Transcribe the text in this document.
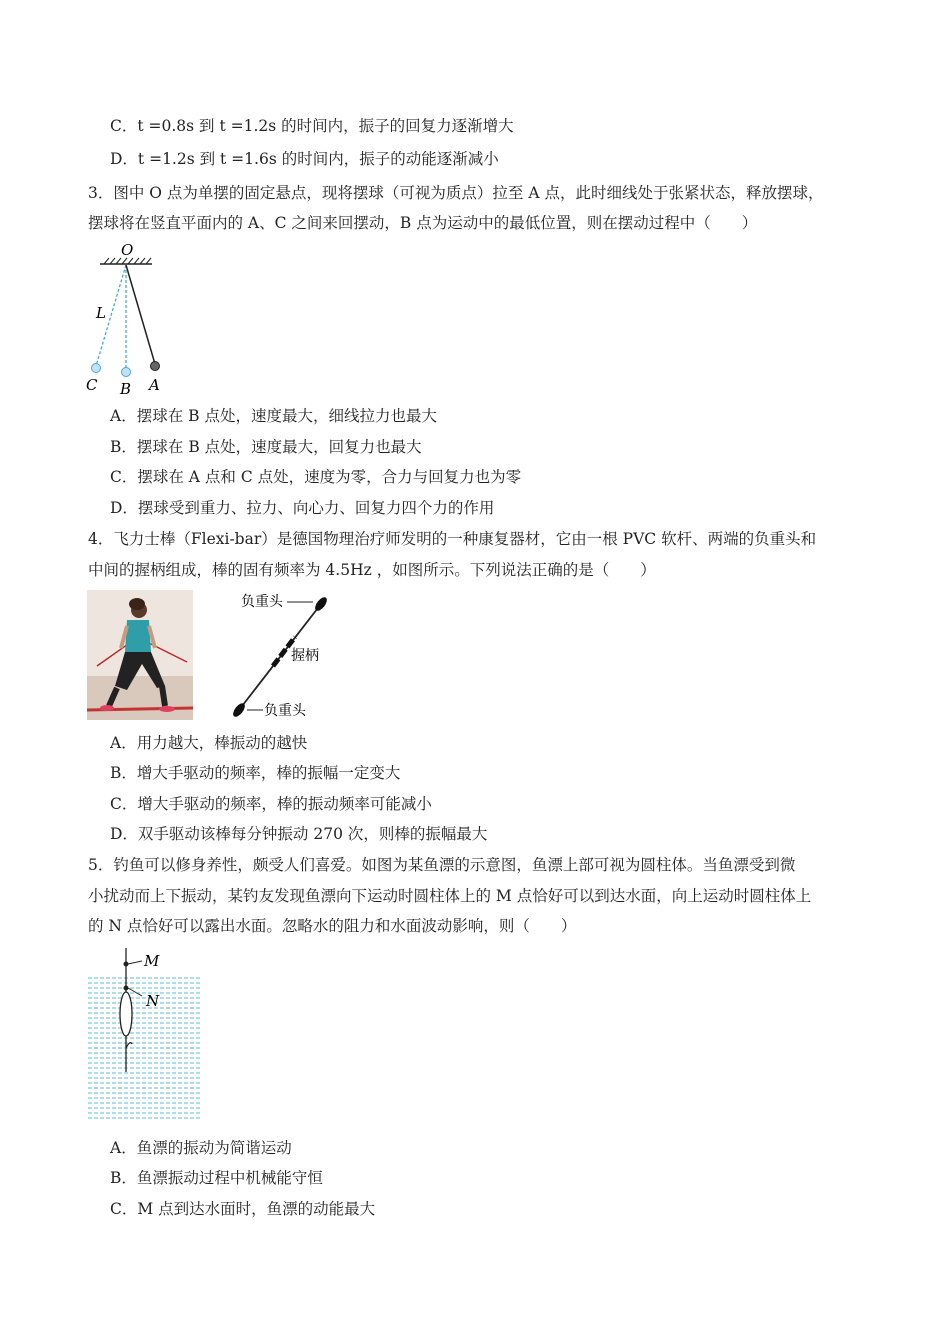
C．t =0.8s 到 t =1.2s 的时间内，振子的回复力逐渐增大
D．t =1.2s 到 t =1.6s 的时间内，振子的动能逐渐减小
3．图中 O 点为单摆的固定悬点，现将摆球（可视为质点）拉至 A 点，此时细线处于张紧状态，释放摆球，
摆球将在竖直平面内的 A、C 之间来回摆动，B 点为运动中的最低位置，则在摆动过程中（　　）
O
L
C B A
A．摆球在 B 点处，速度最大，细线拉力也最大
B．摆球在 B 点处，速度最大，回复力也最大
C．摆球在 A 点和 C 点处，速度为零，合力与回复力也为零
D．摆球受到重力、拉力、向心力、回复力四个力的作用
4．飞力士棒（Flexi-bar）是德国物理治疗师发明的一种康复器材，它由一根 PVC 软杆、两端的负重头和
中间的握柄组成，棒的固有频率为 4.5Hz ，如图所示。下列说法正确的是（　　）
负重头
握柄
负重头
A．用力越大，棒振动的越快
B．增大手驱动的频率，棒的振幅一定变大
C．增大手驱动的频率，棒的振动频率可能减小
D．双手驱动该棒每分钟振动 270 次，则棒的振幅最大
5．钓鱼可以修身养性，颇受人们喜爱。如图为某鱼漂的示意图，鱼漂上部可视为圆柱体。当鱼漂受到微
小扰动而上下振动，某钓友发现鱼漂向下运动时圆柱体上的 M 点恰好可以到达水面，向上运动时圆柱体上
的 N 点恰好可以露出水面。忽略水的阻力和水面波动影响，则（　　）
M
N
A．鱼漂的振动为简谐运动
B．鱼漂振动过程中机械能守恒
C．M 点到达水面时，鱼漂的动能最大
